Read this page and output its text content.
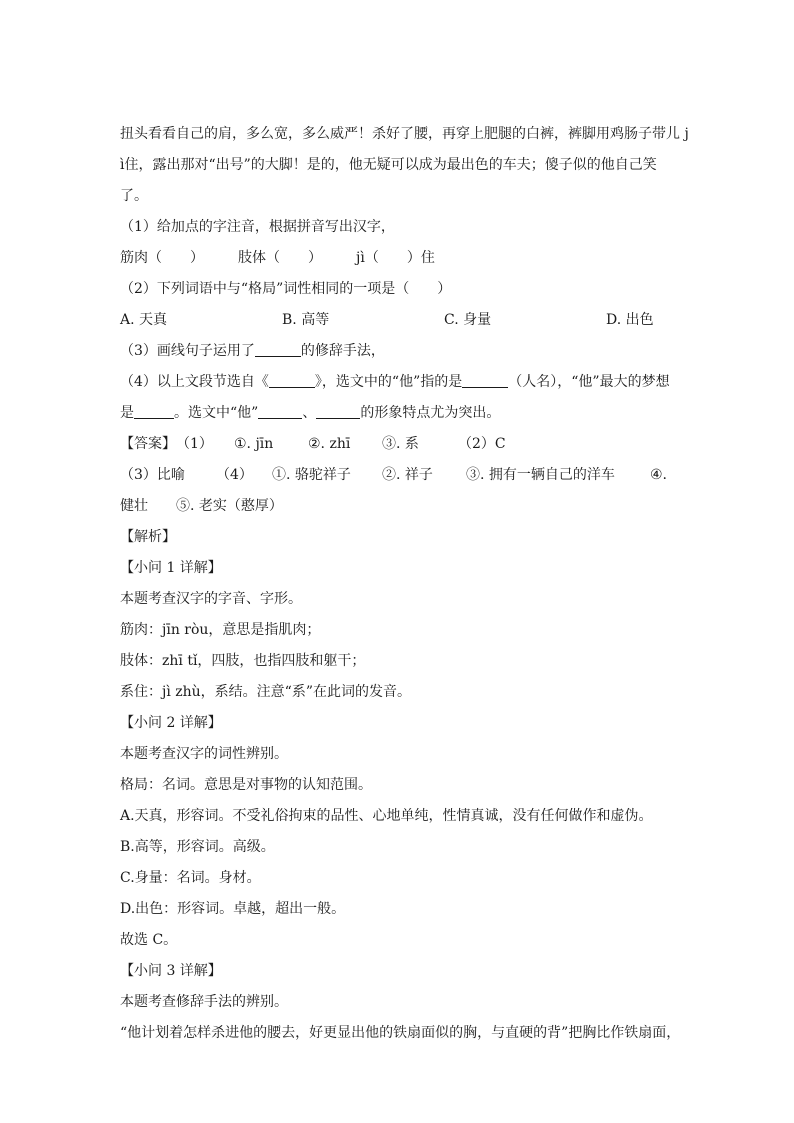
扭头看看自己的肩，多么宽，多么威严！杀好了腰，再穿上肥腿的白裤，裤脚用鸡肠子带儿 j
ì住，露出那对“出号”的大脚！是的，他无疑可以成为最出色的车夫；傻子似的他自己笑
了。
（1）给加点的字注音，根据拼音写出汉字，

筋肉（　　）

肢体（　　）

jì（　　）住

（2）下列词语中与“格局”词性相同的一项是（　　）

A. 天真

	B. 高等

	C. 身量

	D. 出色

（3）画线句子运用了	的修辞手法，
（4）以上文段节选自《	》，选文中的“他”指的是	（人名），“他”最大的梦想
是	。选文中“他”	、	的形象特点尤为突出。

【答案】

（1）

①. jīn

②. zhī

③. 系

	（2）C

（3）比喻

（4）

①. 骆驼祥子

②. 祥子

③. 拥有一辆自己的洋车

	④.

健壮

⑤. 老实（憨厚）

【解析】
【小问 1 详解】
本题考查汉字的字音、字形。
筋肉：jīn ròu，意思是指肌肉；
肢体：zhī tǐ，四肢，也指四肢和躯干；
系住：jì zhù，系结。注意“系”在此词的发音。
【小问 2 详解】
本题考查汉字的词性辨别。
格局：名词。意思是对事物的认知范围。
A.天真，形容词。不受礼俗拘束的品性、心地单纯，性情真诚，没有任何做作和虚伪。
B.高等，形容词。高级。
C.身量：名词。身材。
D.出色：形容词。卓越，超出一般。
故选 C。
【小问 3 详解】
本题考查修辞手法的辨别。
“他计划着怎样杀进他的腰去，好更显出他的铁扇面似的胸，与直硬的背”把胸比作铁扇面，
